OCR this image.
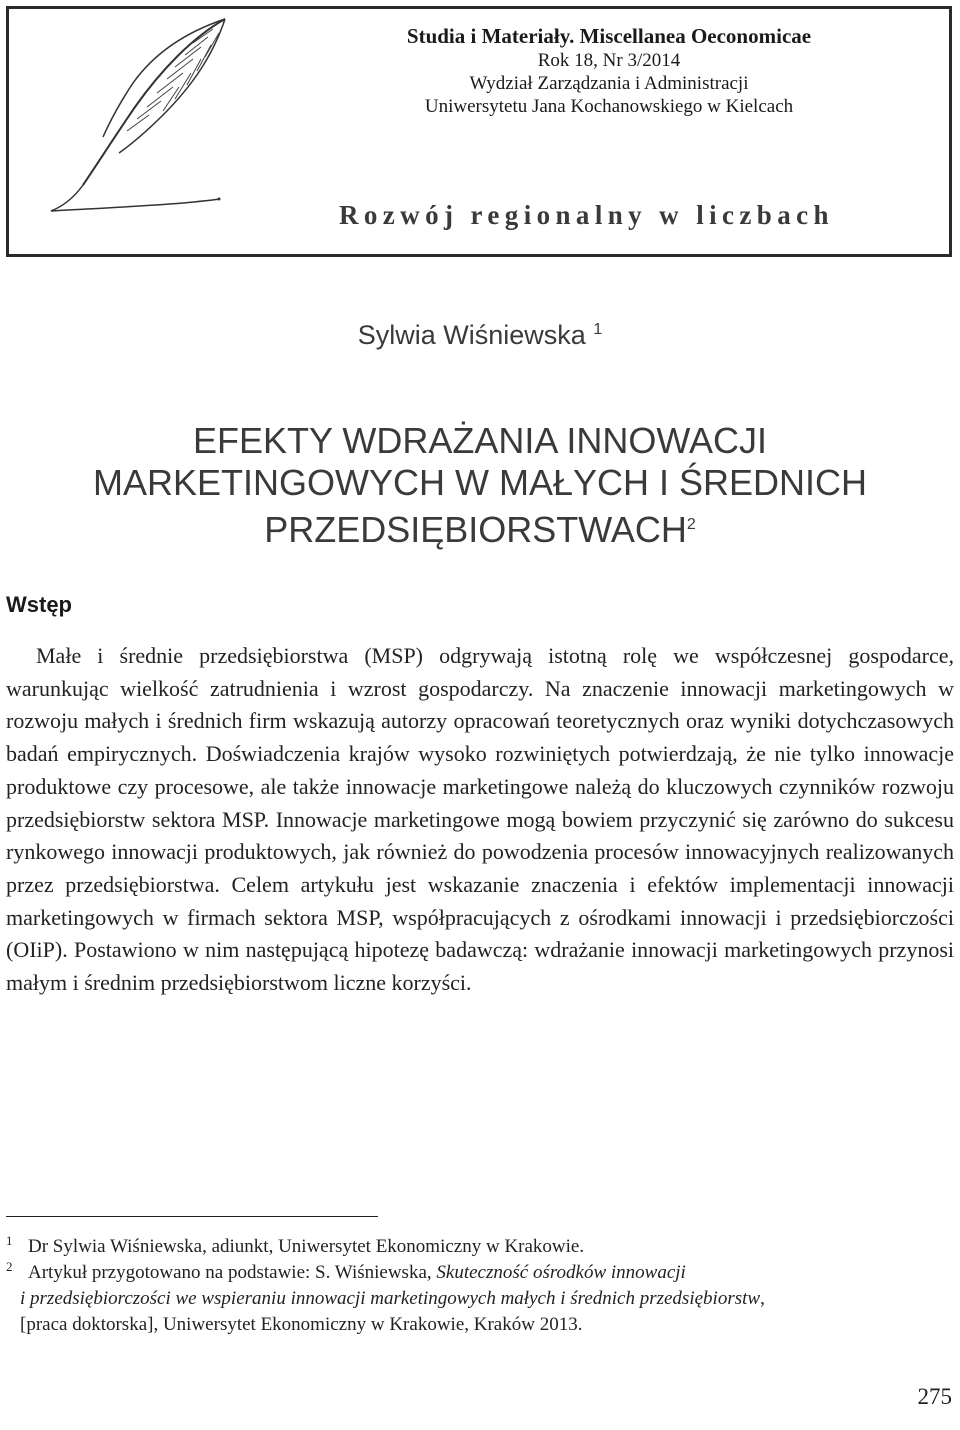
Studia i Materiały. Miscellanea Oeconomicae
Rok 18, Nr 3/2014
Wydział Zarządzania i Administracji
Uniwersytetu Jana Kochanowskiego w Kielcach
Rozwój regionalny w liczbach
Sylwia Wiśniewska $^1$
EFEKTY WDRAŻANIA INNOWACJI
MARKETINGOWYCH W MAŁYCH I ŚREDNICH
PRZEDSIĘBIORSTWACH$^2$
Wstęp

Małe i średnie przedsiębiorstwa (MSP) odgrywają istotną rolę we współczesnej gospodarce, warunkując wielkość zatrudnienia i wzrost gospodarczy. Na znaczenie innowacji marketingowych w rozwoju małych i średnich firm wskazują autorzy opracowań teoretycznych oraz wyniki dotychczasowych badań empirycznych. Doświadczenia krajów wysoko rozwiniętych potwierdzają, że nie tylko innowacje produktowe czy procesowe, ale także innowacje marketingowe należą do kluczowych czynników rozwoju przedsiębiorstw sektora MSP. Innowacje marketingowe mogą bowiem przyczynić się zarówno do sukcesu rynkowego innowacji produktowych, jak również do powodzenia procesów innowacyjnych realizowanych przez przedsiębiorstwa. Celem artykułu jest wskazanie znaczenia i efektów implementacji innowacji marketingowych w firmach sektora MSP, współpracujących z ośrodkami innowacji i przedsiębiorczości (OIiP). Postawiono w nim następującą hipotezę badawczą: wdrażanie innowacji marketingowych przynosi małym i średnim przedsiębiorstwom liczne korzyści.

1 Dr Sylwia Wiśniewska, adiunkt, Uniwersytet Ekonomiczny w Krakowie.
2 Artykuł przygotowano na podstawie: S. Wiśniewska, Skuteczność ośrodków innowacji
i przedsiębiorczości we wspieraniu innowacji marketingowych małych i średnich przedsiębiorstw,
[praca doktorska], Uniwersytet Ekonomiczny w Krakowie, Kraków 2013.
275
